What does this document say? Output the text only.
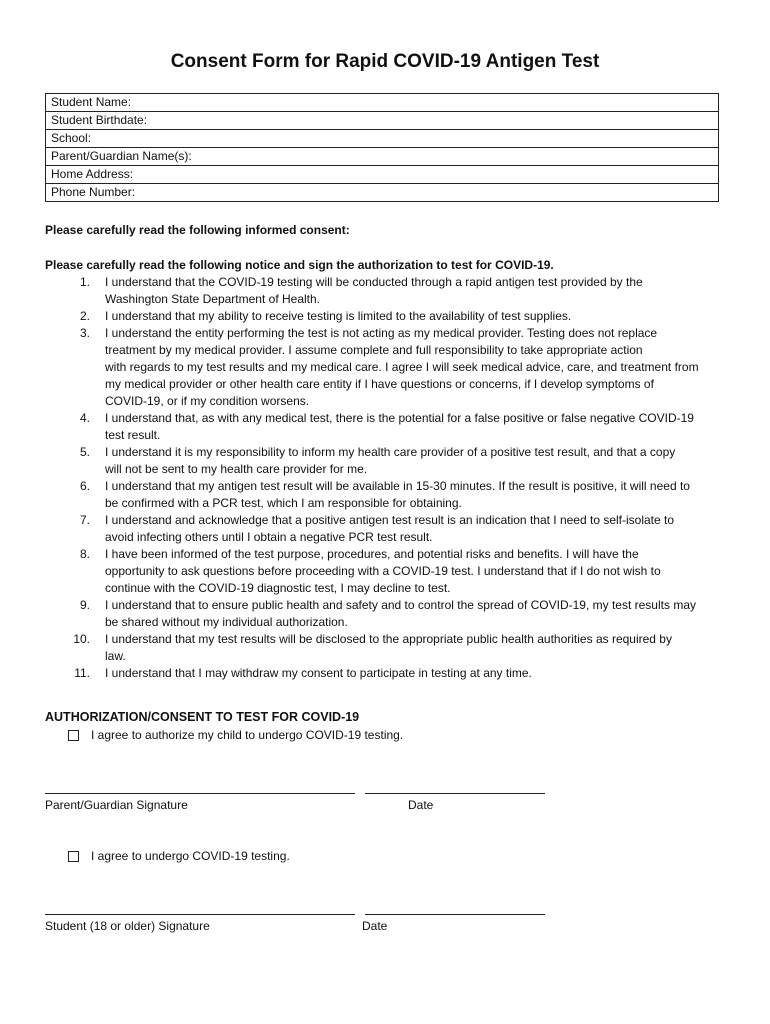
Consent Form for Rapid COVID-19 Antigen Test
Student Name:
Student Birthdate:
School:
Parent/Guardian Name(s):
Home Address:
Phone Number:
Please carefully read the following informed consent:
Please carefully read the following notice and sign the authorization to test for COVID-19.
1. I understand that the COVID-19 testing will be conducted through a rapid antigen test provided by the
Washington State Department of Health.
2. I understand that my ability to receive testing is limited to the availability of test supplies.
3. I understand the entity performing the test is not acting as my medical provider. Testing does not replace
treatment by my medical provider. I assume complete and full responsibility to take appropriate action
with regards to my test results and my medical care. I agree I will seek medical advice, care, and treatment from
my medical provider or other health care entity if I have questions or concerns, if I develop symptoms of
COVID-19, or if my condition worsens.
4. I understand that, as with any medical test, there is the potential for a false positive or false negative COVID-19
test result.
5. I understand it is my responsibility to inform my health care provider of a positive test result, and that a copy
will not be sent to my health care provider for me.
6. I understand that my antigen test result will be available in 15-30 minutes. If the result is positive, it will need to
be confirmed with a PCR test, which I am responsible for obtaining.
7. I understand and acknowledge that a positive antigen test result is an indication that I need to self-isolate to
avoid infecting others until I obtain a negative PCR test result.
8. I have been informed of the test purpose, procedures, and potential risks and benefits. I will have the
opportunity to ask questions before proceeding with a COVID-19 test. I understand that if I do not wish to
continue with the COVID-19 diagnostic test, I may decline to test.
9. I understand that to ensure public health and safety and to control the spread of COVID-19, my test results may
be shared without my individual authorization.
10. I understand that my test results will be disclosed to the appropriate public health authorities as required by
law.
11. I understand that I may withdraw my consent to participate in testing at any time.
AUTHORIZATION/CONSENT TO TEST FOR COVID-19
I agree to authorize my child to undergo COVID-19 testing.
Parent/Guardian Signature	Date
I agree to undergo COVID-19 testing.
Student (18 or older) Signature	Date
